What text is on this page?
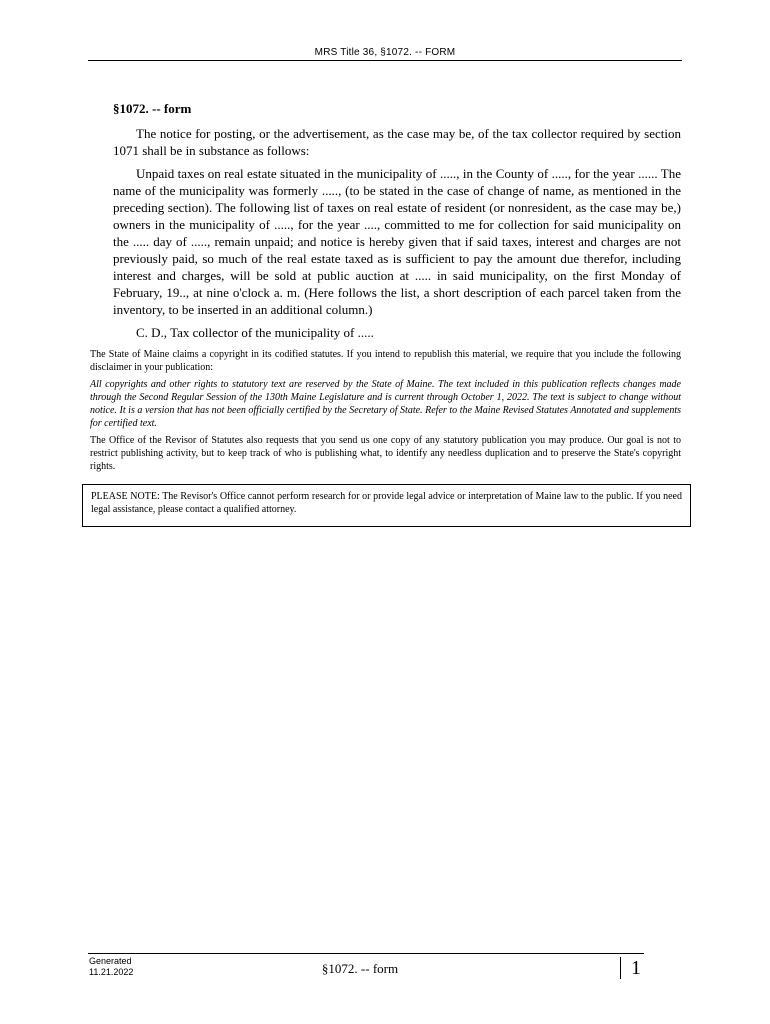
MRS Title 36, §1072. -- FORM
§1072. -- form

The notice for posting, or the advertisement, as the case may be, of the tax collector required by section 1071 shall be in substance as follows:

Unpaid taxes on real estate situated in the municipality of ....., in the County of ....., for the year ...... The name of the municipality was formerly ....., (to be stated in the case of change of name, as mentioned in the preceding section). The following list of taxes on real estate of resident (or nonresident, as the case may be,) owners in the municipality of ....., for the year ...., committed to me for collection for said municipality on the ..... day of ....., remain unpaid; and notice is hereby given that if said taxes, interest and charges are not previously paid, so much of the real estate taxed as is sufficient to pay the amount due therefor, including interest and charges, will be sold at public auction at ..... in said municipality, on the first Monday of February, 19.., at nine o'clock a. m. (Here follows the list, a short description of each parcel taken from the inventory, to be inserted in an additional column.)

C. D., Tax collector of the municipality of .....

The State of Maine claims a copyright in its codified statutes. If you intend to republish this material, we require that you include the following disclaimer in your publication:

All copyrights and other rights to statutory text are reserved by the State of Maine. The text included in this publication reflects changes made through the Second Regular Session of the 130th Maine Legislature and is current through October 1, 2022. The text is subject to change without notice. It is a version that has not been officially certified by the Secretary of State. Refer to the Maine Revised Statutes Annotated and supplements for certified text.

The Office of the Revisor of Statutes also requests that you send us one copy of any statutory publication you may produce. Our goal is not to restrict publishing activity, but to keep track of who is publishing what, to identify any needless duplication and to preserve the State's copyright rights.

PLEASE NOTE: The Revisor's Office cannot perform research for or provide legal advice or interpretation of Maine law to the public. If you need legal assistance, please contact a qualified attorney.
Generated
11.21.2022	§1072. -- form	1
